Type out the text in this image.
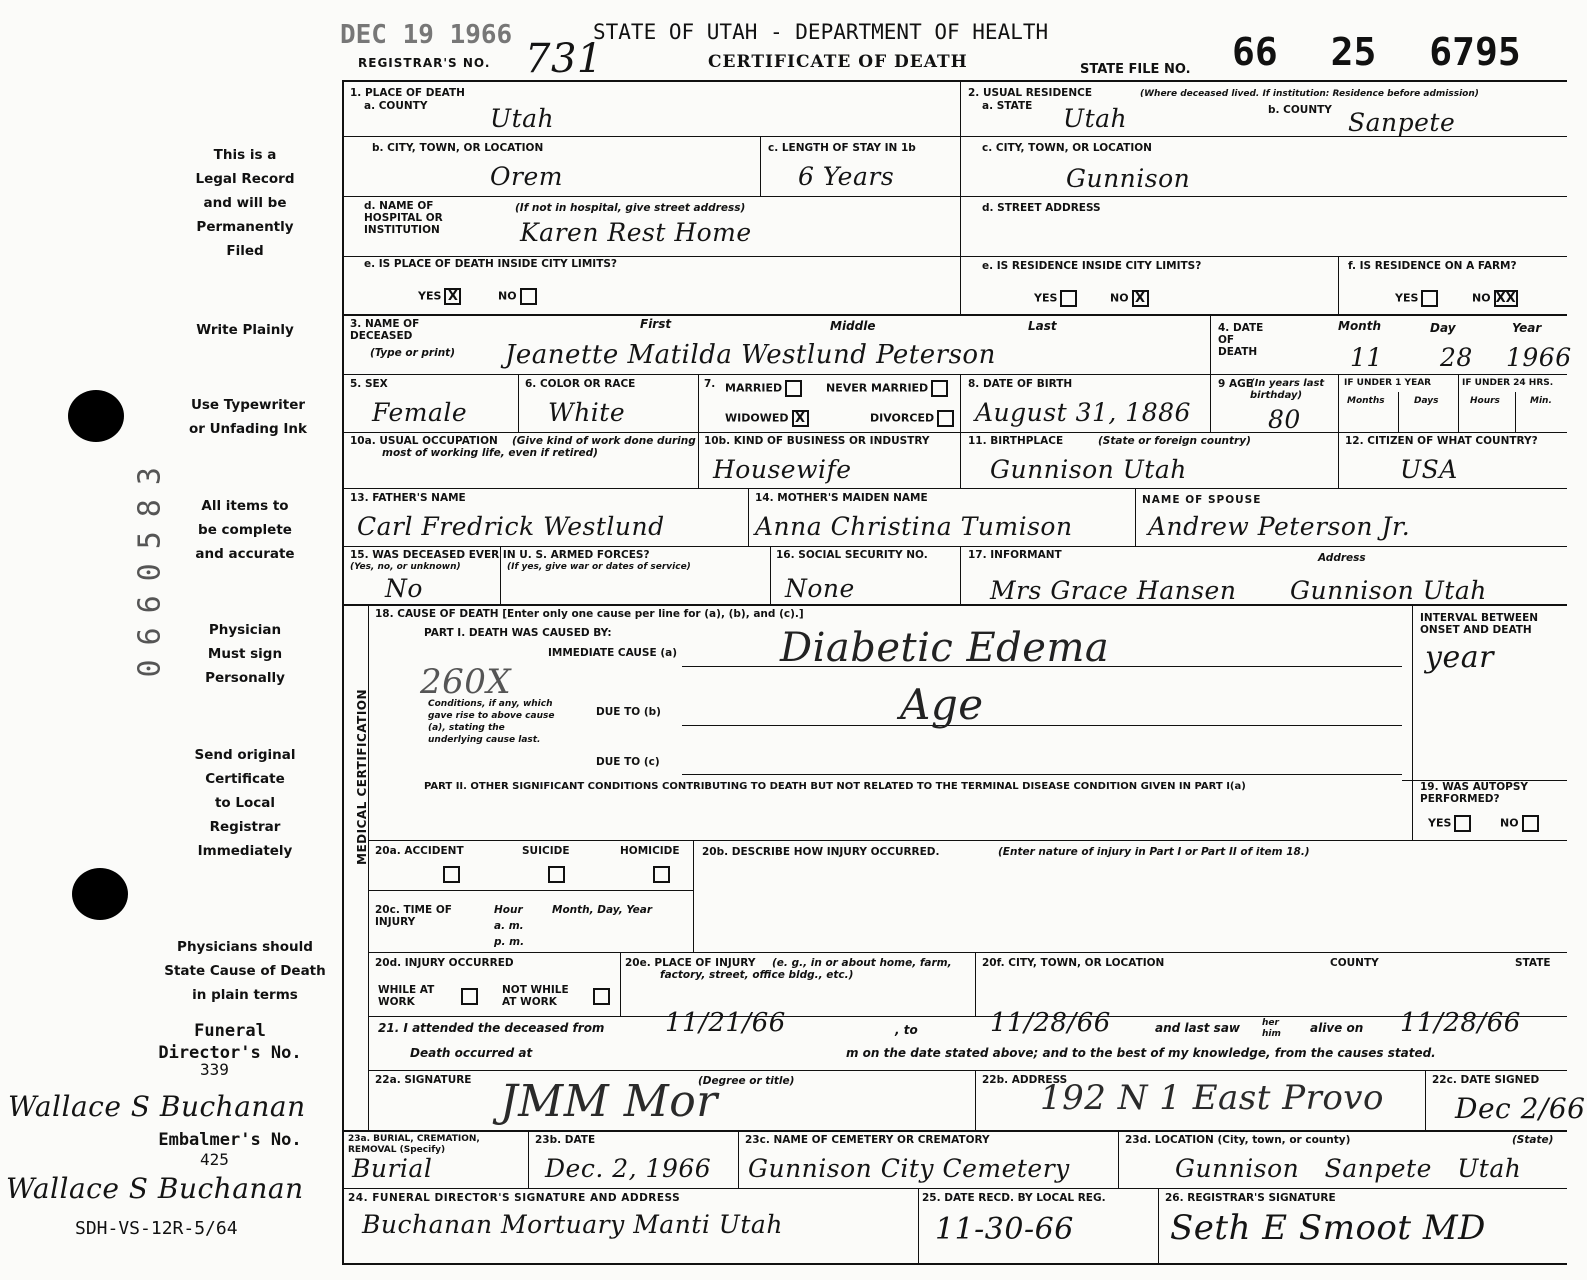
This is a
Legal Record
and will be
Permanently
Filed
Write Plainly
Use Typewriter
or Unfading Ink
All items to
be complete
and accurate
Physician
Must sign
Personally
Send original
Certificate
to Local
Registrar
Immediately
Physicians should
State Cause of Death
in plain terms
Funeral
Director's No.
339
Wallace S Buchanan
Embalmer's No.
425
Wallace S Buchanan
SDH-VS-12R-5/64
0660583
DEC 19 1966
REGISTRAR'S NO. 731
STATE OF UTAH - DEPARTMENT OF HEALTH
CERTIFICATE OF DEATH	STATE FILE NO. 66 25 6795
1. PLACE OF DEATH
a. COUNTY	Utah
2. USUAL RESIDENCE	(Where deceased lived. If institution: Residence before admission)
a. STATE Utah	b. COUNTY Sanpete
b. CITY, TOWN, OR LOCATION
Orem
c. LENGTH OF STAY IN 1b
6 Years
c. CITY, TOWN, OR LOCATION
Gunnison
d. NAME OF HOSPITAL OR INSTITUTION
(If not in hospital, give street address)
Karen Rest Home
d. STREET ADDRESS
e. IS PLACE OF DEATH INSIDE CITY LIMITS?
YES X	NO
e. IS RESIDENCE INSIDE CITY LIMITS?
YES	NO X
f. IS RESIDENCE ON A FARM?
YES	NO XX
3. NAME OF DECEASED
(Type or print)
First	Middle	Last
Jeanette Matilda Westlund Peterson
4. DATE OF DEATH
Month	Day	Year
11 28 1966
5. SEX
Female
6. COLOR OR RACE
White
7. MARRIED	NEVER MARRIED
WIDOWED X	DIVORCED
8. DATE OF BIRTH
August 31, 1886
9 AGE
(In years last birthday)
80
IF UNDER 1 YEAR	IF UNDER 24 HRS.
Months	Days	Hours	Min.
10a. USUAL OCCUPATION	(Give kind of work done during most of working life, even if retired)
10b. KIND OF BUSINESS OR INDUSTRY
Housewife
11. BIRTHPLACE	(State or foreign country)
Gunnison Utah
12. CITIZEN OF WHAT COUNTRY?
USA
13. FATHER'S NAME
Carl Fredrick Westlund
14. MOTHER'S MAIDEN NAME
Anna Christina Tumison
NAME OF SPOUSE
Andrew Peterson Jr.
15. WAS DECEASED EVER IN U. S. ARMED FORCES?
(Yes, no, or unknown)	(If yes, give war or dates of service)
No
16. SOCIAL SECURITY NO.
None
17. INFORMANT	Address
Mrs Grace Hansen Gunnison Utah
MEDICAL CERTIFICATION
18. CAUSE OF DEATH [Enter only one cause per line for (a), (b), and (c).]
PART I. DEATH WAS CAUSED BY:
IMMEDIATE CAUSE (a)	Diabetic Edema
260X
Conditions, if any, which gave rise to above cause (a), stating the underlying cause last.
DUE TO (b)	Age
DUE TO (c)
INTERVAL BETWEEN ONSET AND DEATH
year
PART II. OTHER SIGNIFICANT CONDITIONS CONTRIBUTING TO DEATH BUT NOT RELATED TO THE TERMINAL DISEASE CONDITION GIVEN IN PART I(a)	19. WAS AUTOPSY PERFORMED?
YES	NO
20a. ACCIDENT	SUICIDE	HOMICIDE 20b. DESCRIBE HOW INJURY OCCURRED.	(Enter nature of injury in Part I or Part II of item 18.)
20c. TIME OF INJURY
Hour
a. m.
p. m.
Month, Day, Year
20d. INJURY OCCURRED
WHILE AT WORK
NOT WHILE AT WORK
20e. PLACE OF INJURY	(e. g., in or about home, farm, factory, street, office bldg., etc.)
20f. CITY, TOWN, OR LOCATION	COUNTY	STATE
21. I attended the deceased from 11/21/66	, to	11/28/66	and last saw her him	alive on 11/28/66
Death occurred at	m on the date stated above; and to the best of my knowledge, from the causes stated.
22a. SIGNATURE	(Degree or title)
JMM Mor	22b. ADDRESS
192 N 1 East Provo	22c. DATE SIGNED
Dec 2/66
23a. BURIAL, CREMATION, REMOVAL (Specify)
Burial
23b. DATE
Dec. 2, 1966
23c. NAME OF CEMETERY OR CREMATORY
Gunnison City Cemetery
23d. LOCATION (City, town, or county)	(State)
Gunnison   Sanpete   Utah
24. FUNERAL DIRECTOR'S SIGNATURE AND ADDRESS
Buchanan Mortuary Manti Utah
25. DATE RECD. BY LOCAL REG.
11-30-66
26. REGISTRAR'S SIGNATURE
Seth E Smoot MD
